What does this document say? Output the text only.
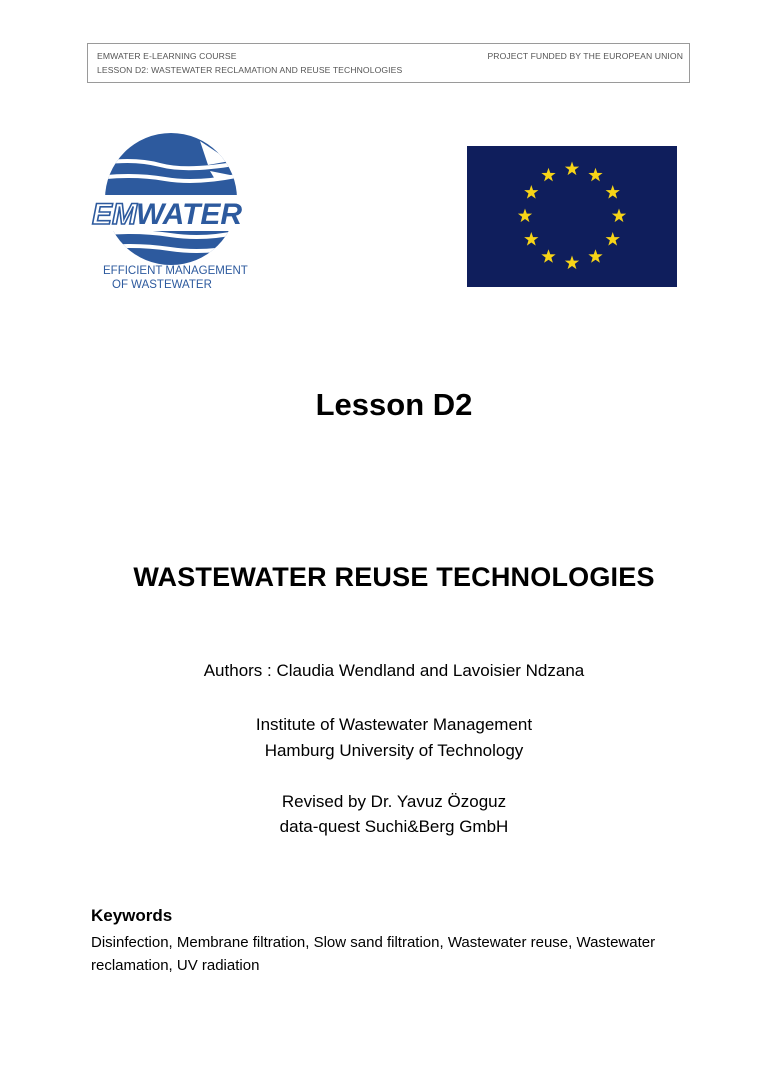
EMWATER E-LEARNING COURSE
LESSON D2: WASTEWATER RECLAMATION AND REUSE TECHNOLOGIES
PROJECT FUNDED BY THE EUROPEAN UNION
EM WATER
EFFICIENT MANAGEMENT
OF WASTEWATER
Lesson D2
WASTEWATER REUSE TECHNOLOGIES
Authors : Claudia Wendland and Lavoisier Ndzana
Institute of Wastewater Management
Hamburg University of Technology
Revised by Dr. Yavuz Özoguz
data-quest Suchi&Berg GmbH
Keywords
Disinfection, Membrane filtration, Slow sand filtration, Wastewater reuse, Wastewater reclamation, UV radiation
